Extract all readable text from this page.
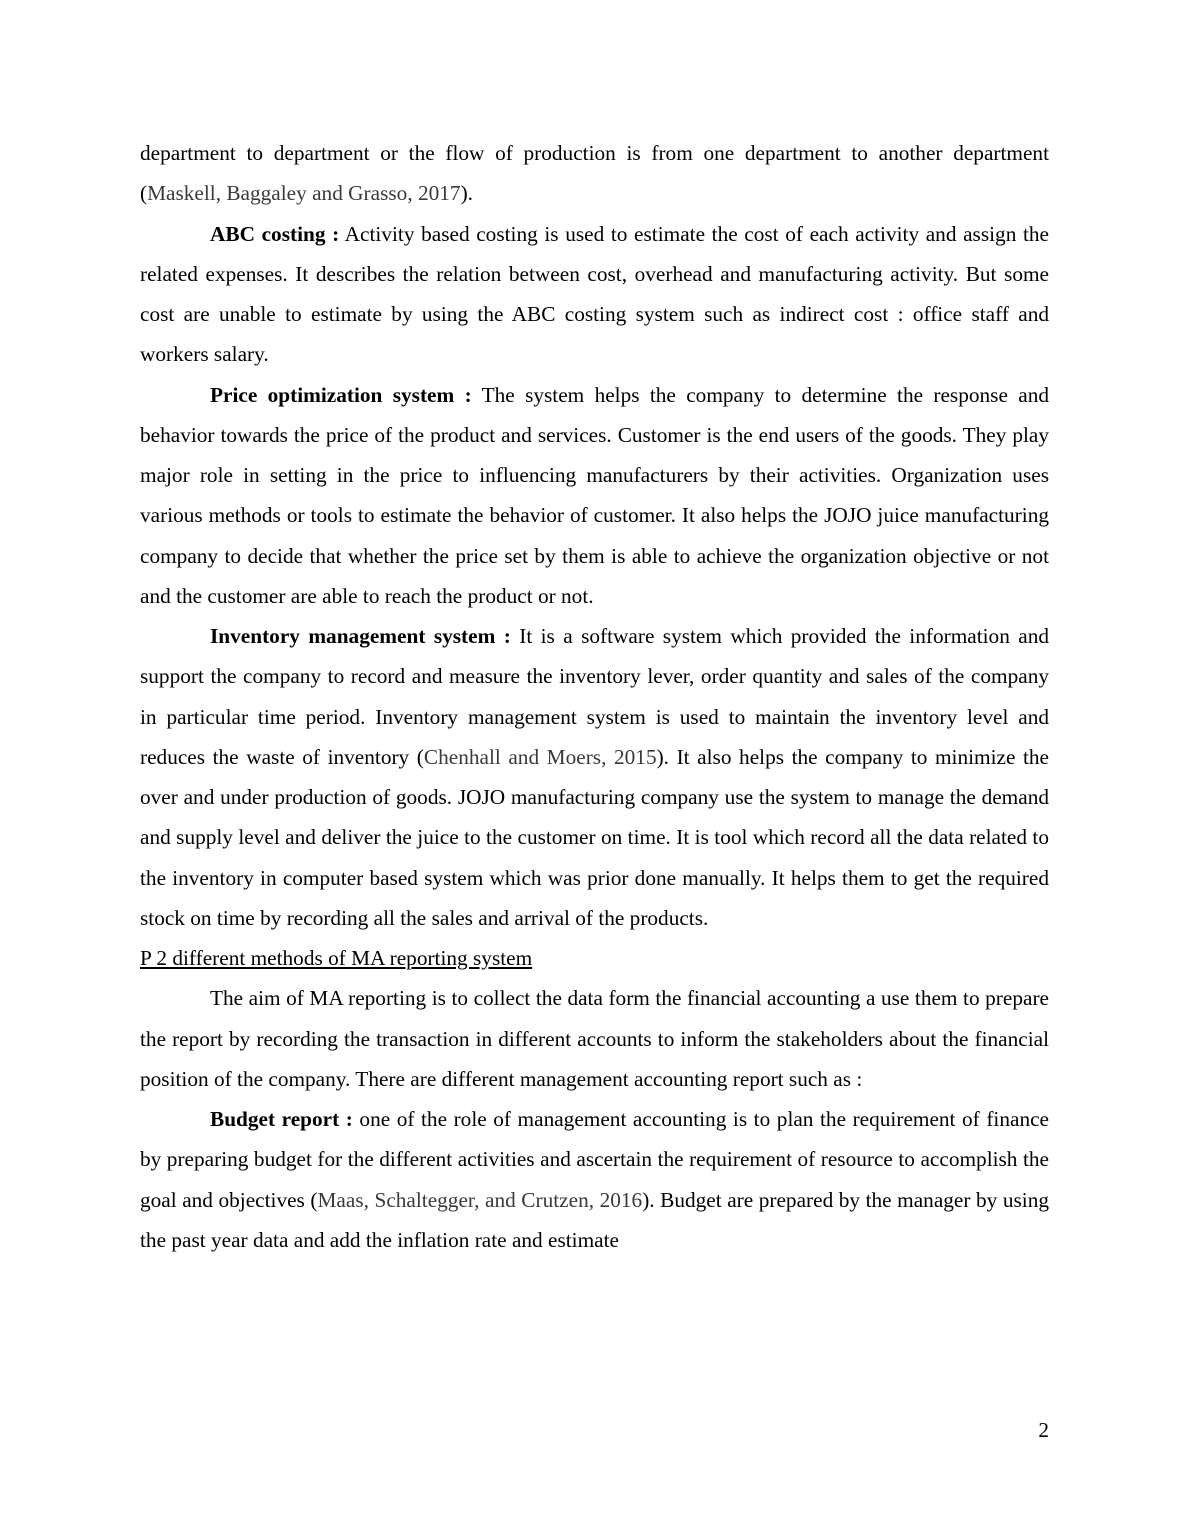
department to department or the flow of production is from one department to another department (Maskell, Baggaley and Grasso, 2017).

ABC costing : Activity based costing is used to estimate the cost of each activity and assign the related expenses. It describes the relation between cost, overhead and manufacturing activity. But some cost are unable to estimate by using the ABC costing system such as indirect cost : office staff and workers salary.

Price optimization system : The system helps the company to determine the response and behavior towards the price of the product and services. Customer is the end users of the goods. They play major role in setting in the price to influencing manufacturers by their activities. Organization uses various methods or tools to estimate the behavior of customer. It also helps the JOJO juice manufacturing company to decide that whether the price set by them is able to achieve the organization objective or not and the customer are able to reach the product or not.

Inventory management system : It is a software system which provided the information and support the company to record and measure the inventory lever, order quantity and sales of the company in particular time period. Inventory management system is used to maintain the inventory level and reduces the waste of inventory (Chenhall and Moers, 2015). It also helps the company to minimize the over and under production of goods. JOJO manufacturing company use the system to manage the demand and supply level and deliver the juice to the customer on time. It is tool which record all the data related to the inventory in computer based system which was prior done manually. It helps them to get the required stock on time by recording all the sales and arrival of the products.

P 2 different methods of MA reporting system

The aim of MA reporting is to collect the data form the financial accounting a use them to prepare the report by recording the transaction in different accounts to inform the stakeholders about the financial position of the company. There are different management accounting report such as :

Budget report : one of the role of management accounting is to plan the requirement of finance by preparing budget for the different activities and ascertain the requirement of resource to accomplish the goal and objectives (Maas, Schaltegger, and Crutzen, 2016). Budget are prepared by the manager by using the past year data and add the inflation rate and estimate

2
